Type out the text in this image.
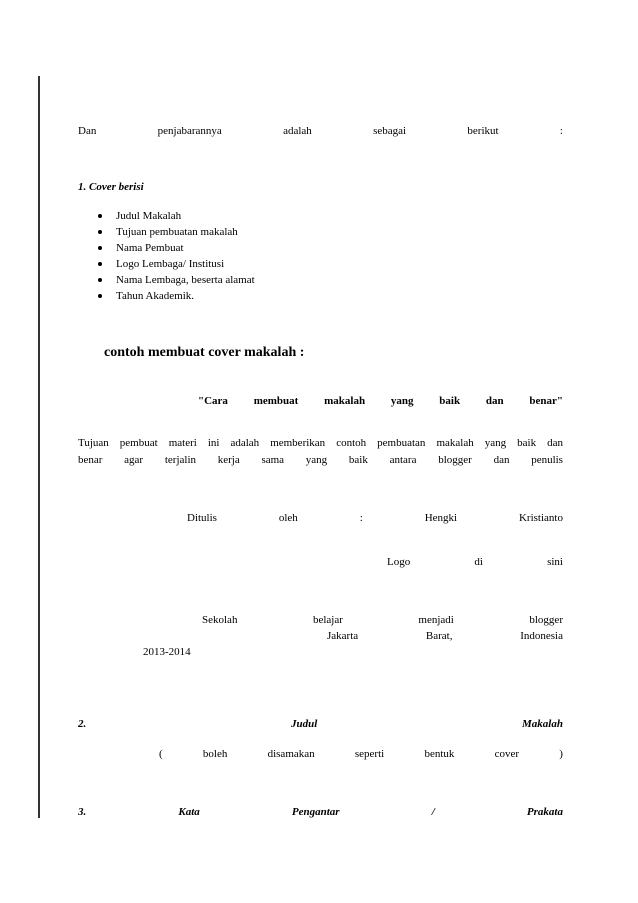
Dan	penjabarannya	adalah	sebagai	berikut	:
1. Cover berisi
Judul Makalah
Tujuan pembuatan makalah
Nama Pembuat
Logo Lembaga/ Institusi
Nama Lembaga, beserta alamat
Tahun Akademik.
contoh membuat cover makalah :
"Cara membuat makalah yang baik dan benar"
Tujuan pembuat materi ini adalah memberikan contoh pembuatan makalah yang baik dan
benar agar terjalin kerja sama yang baik antara blogger dan penulis
Ditulis	oleh	:	Hengki	Kristianto
Logo	di	sini
Sekolah	belajar	menjadi	blogger
Jakarta	Barat,	Indonesia
2013-2014
2.	Judul	Makalah
(	boleh	disamakan	seperti	bentuk	cover	)
3.	Kata	Pengantar	/	Prakata
